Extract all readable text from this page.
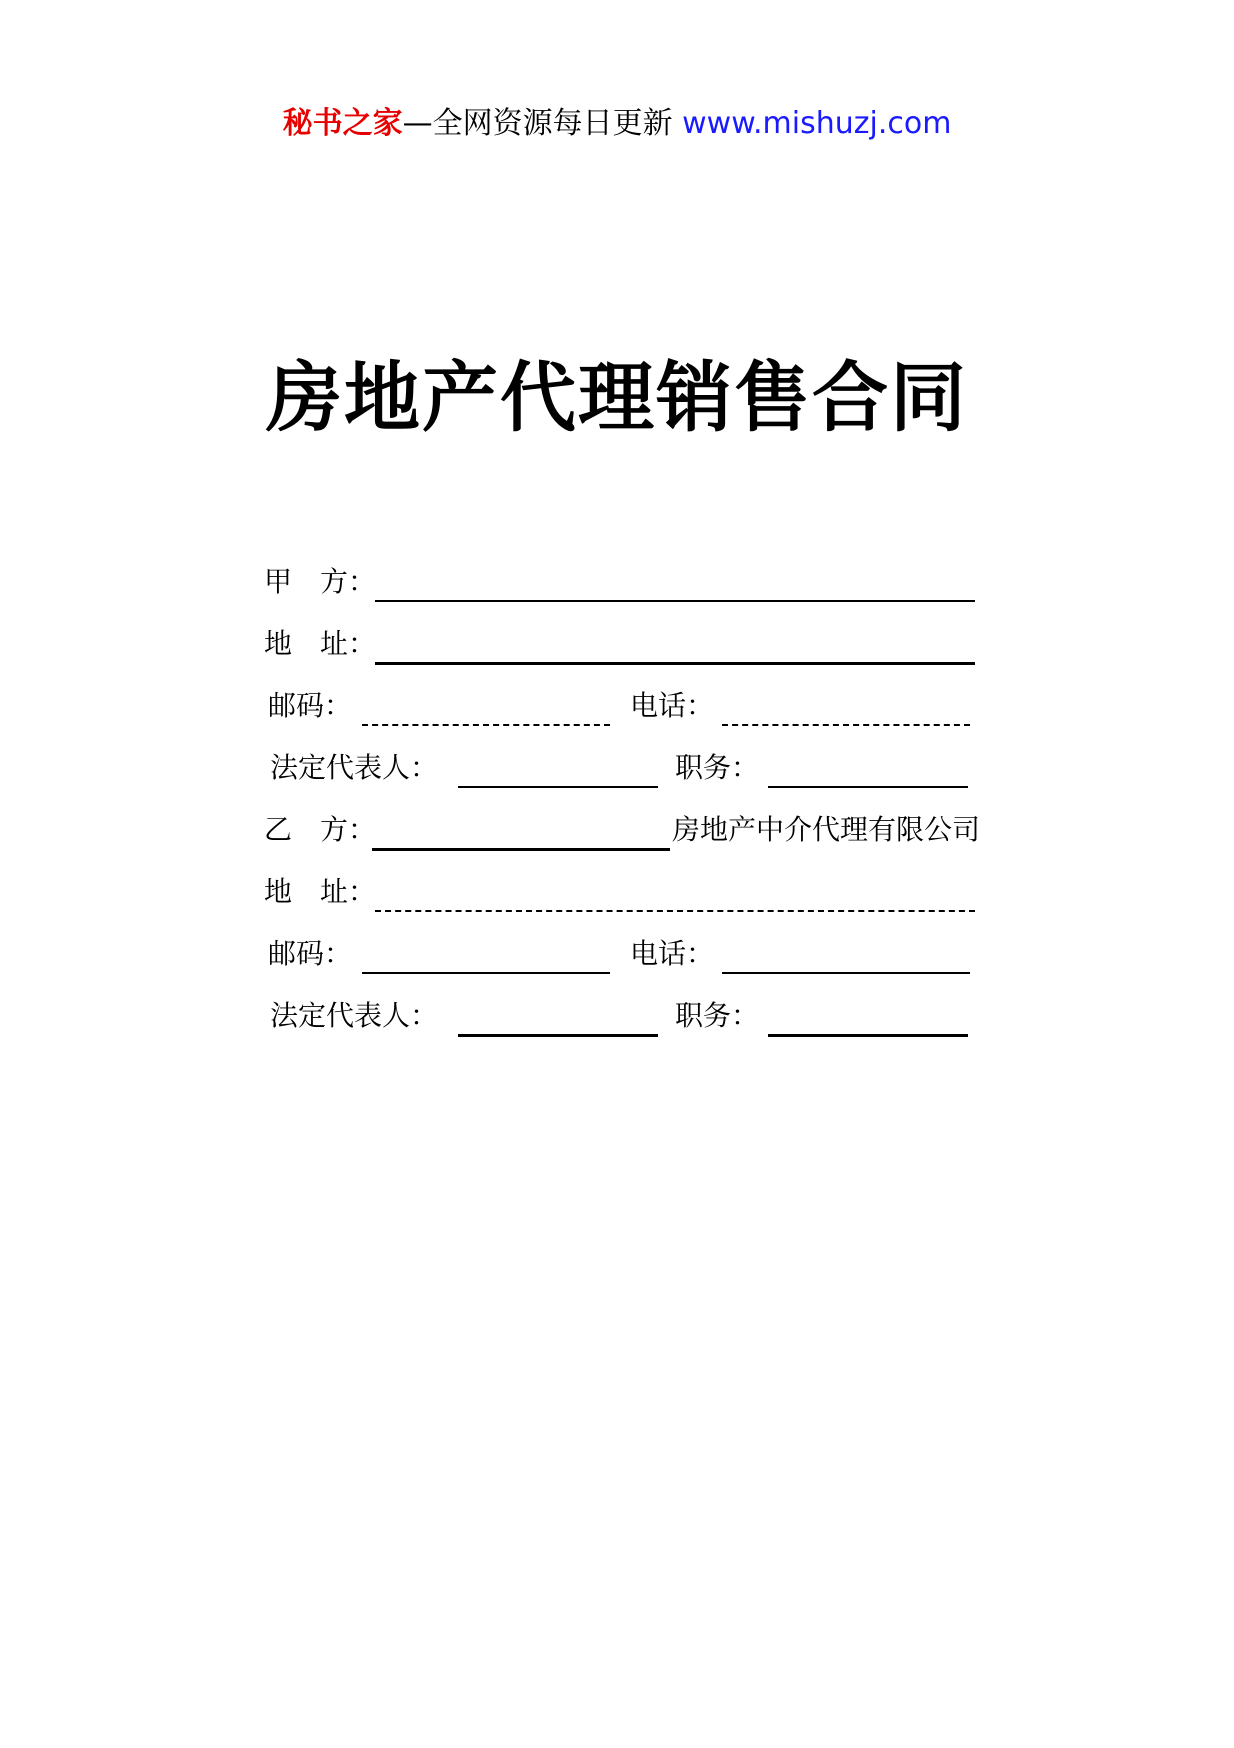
秘书之家—全网资源每日更新 www.mishuzj.com
房地产代理销售合同
甲　方：
地　址：
邮码：	电话：
法定代表人：	职务：
乙　方：	房地产中介代理有限公司
地　址：
邮码：	电话：
法定代表人：	职务：
